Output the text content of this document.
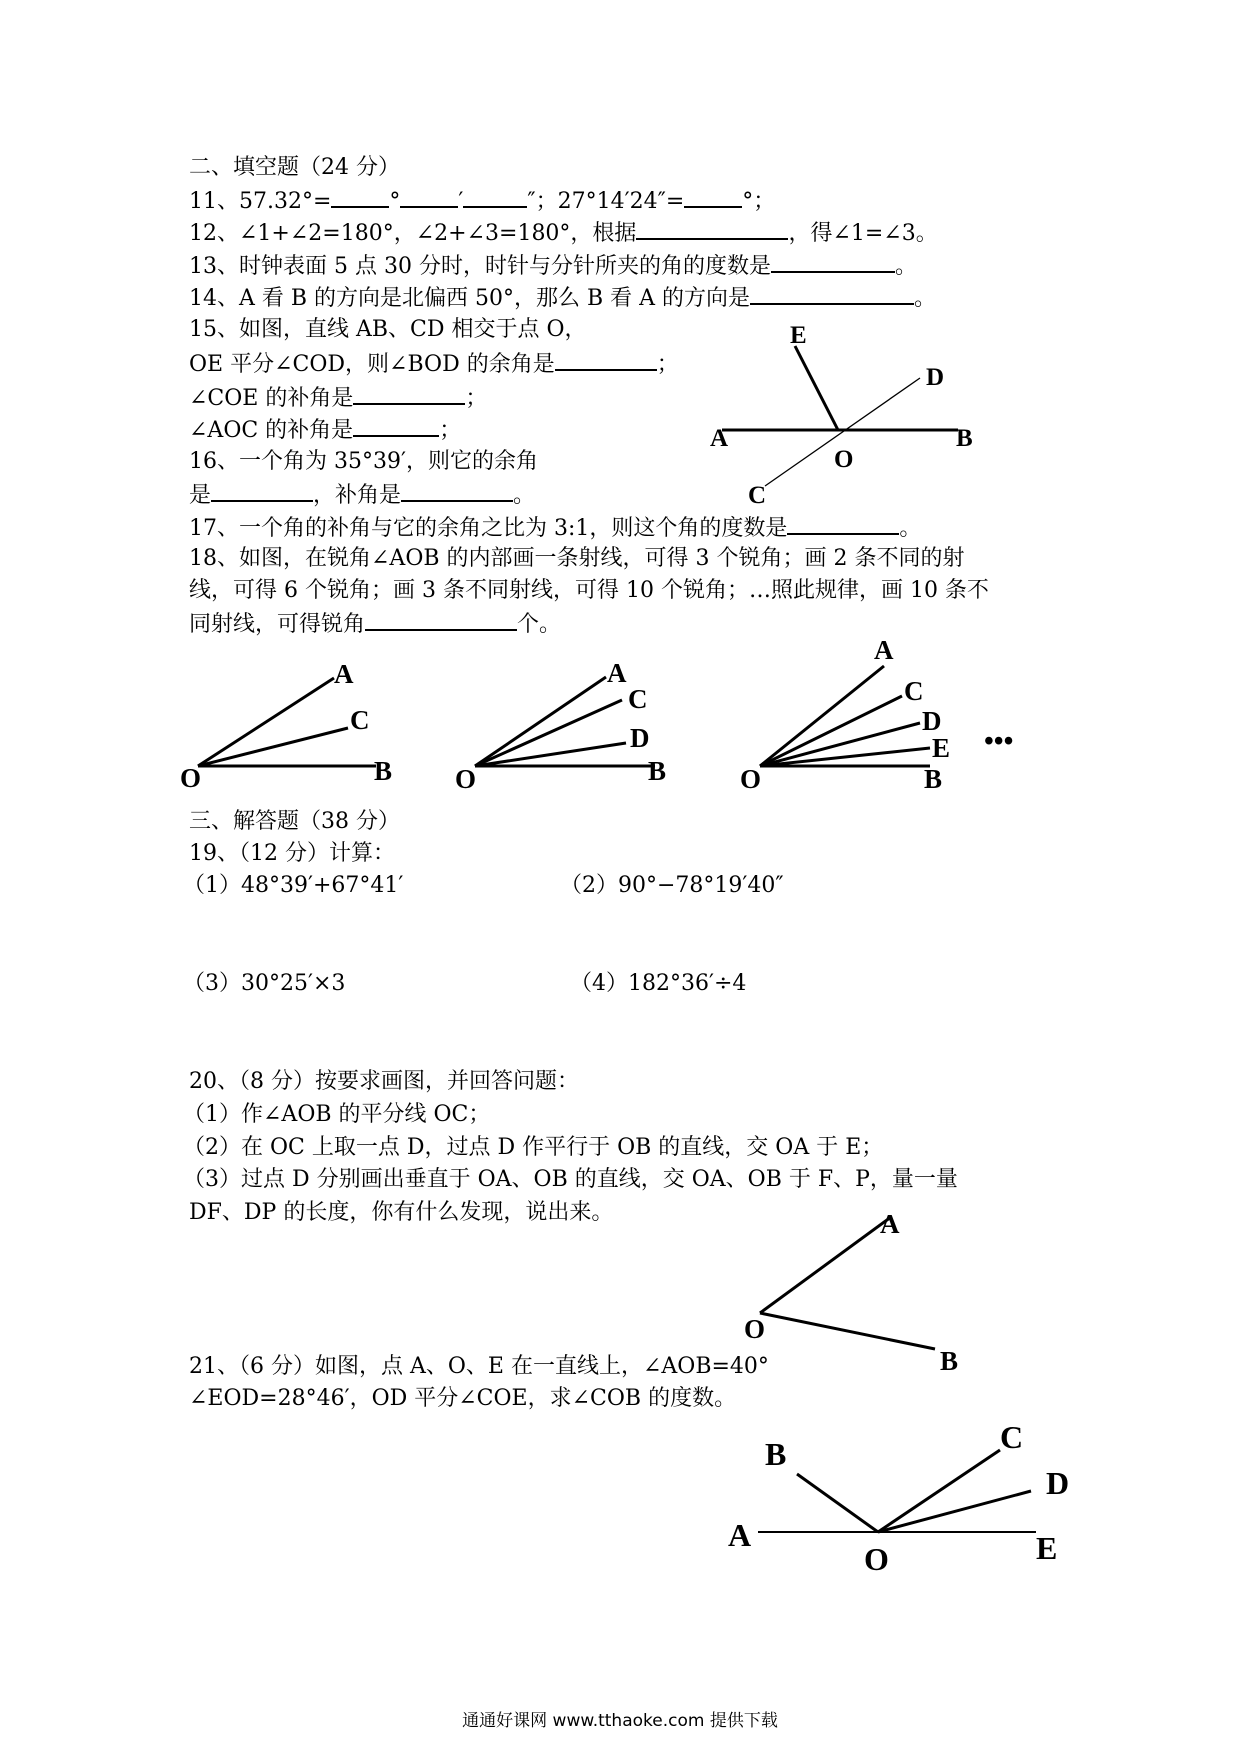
二、填空题（24 分）
11、57.32°=	°	′	″；27°14′24″=	°；
12、∠1+∠2=180°，∠2+∠3=180°，根据	，得∠1=∠3。
13、时钟表面 5 点 30 分时，时针与分针所夹的角的度数是	。
14、A 看 B 的方向是北偏西 50°，那么 B 看 A 的方向是	。
15、如图，直线 AB、CD 相交于点 O，
OE 平分∠COD，则∠BOD 的余角是	；
∠COE 的补角是	；
∠AOC 的补角是	；
16、一个角为 35°39′，则它的余角
是	，补角是	。
17、一个角的补角与它的余角之比为 3:1，则这个角的度数是	。
18、如图，在锐角∠AOB 的内部画一条射线，可得 3 个锐角；画 2 条不同的射
线，可得 6 个锐角；画 3 条不同射线，可得 10 个锐角；…照此规律，画 10 条不
同射线，可得锐角	个。
E
D
A	B
O
C
A
C
O	B
A
C
D
O	B
A
C
D
E
O	B
•••
三、解答题（38 分）
19、（12 分）计算：
（1）48°39′+67°41′	（2）90°−78°19′40″
（3）30°25′×3	（4）182°36′÷4
20、（8 分）按要求画图，并回答问题：
（1）作∠AOB 的平分线 OC；
（2）在 OC 上取一点 D，过点 D 作平行于 OB 的直线，交 OA 于 E；
（3）过点 D 分别画出垂直于 OA、OB 的直线，交 OA、OB 于 F、P，量一量
DF、DP 的长度，你有什么发现，说出来。	A
O
B
21、（6 分）如图，点 A、O、E 在一直线上，∠AOB=40°
∠EOD=28°46′，OD 平分∠COE，求∠COB 的度数。
B	C
D
A
O	E
通通好课网 www.tthaoke.com 提供下载
